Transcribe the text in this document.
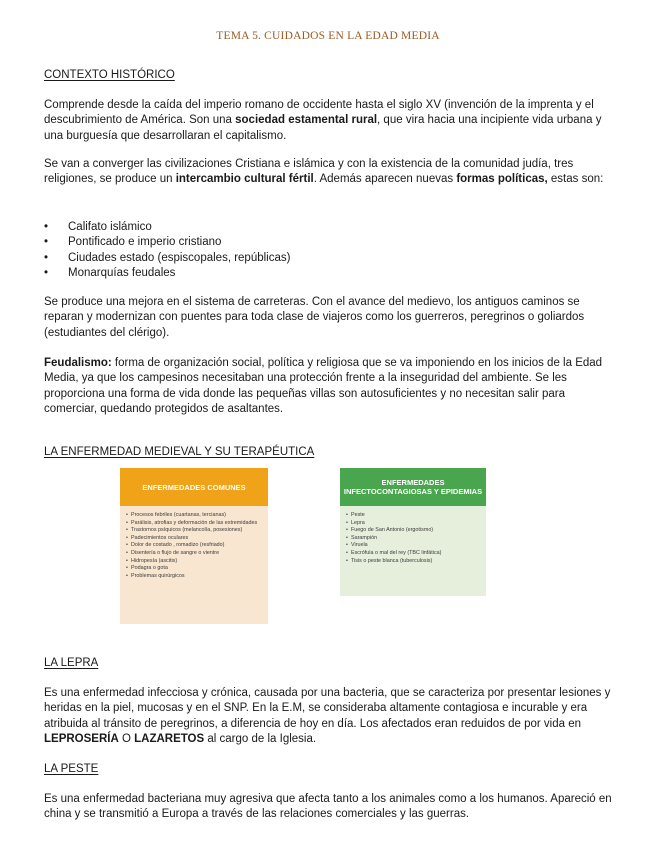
TEMA 5. CUIDADOS EN LA EDAD MEDIA
CONTEXTO HISTÓRICO

Comprende desde la caída del imperio romano de occidente hasta el siglo XV (invención de la imprenta y el descubrimiento de América. Son una sociedad estamental rural, que vira hacia una incipiente vida urbana y una burguesía que desarrollaran el capitalismo.

Se van a converger las civilizaciones Cristiana e islámica y con la existencia de la comunidad judía, tres religiones, se produce un intercambio cultural fértil. Además aparecen nuevas formas políticas, estas son:

• Califato islámico
• Pontificado e imperio cristiano
• Ciudades estado (espiscopales, repúblicas)
• Monarquías feudales

Se produce una mejora en el sistema de carreteras. Con el avance del medievo, los antiguos caminos se reparan y modernizan con puentes para toda clase de viajeros como los guerreros, peregrinos o goliardos (estudiantes del clérigo).

Feudalismo: forma de organización social, política y religiosa que se va imponiendo en los inicios de la Edad Media, ya que los campesinos necesitaban una protección frente a la inseguridad del ambiente. Se les proporciona una forma de vida donde las pequeñas villas son autosuficientes y no necesitan salir para comerciar, quedando protegidos de asaltantes.

LA ENFERMEDAD MEDIEVAL Y SU TERAPÉUTICA
ENFERMEDADES COMUNES
• Procesos febriles (cuartanas, tercianas)
• Parálisis, atrofias y deformación de las extremidades
• Trastornos psíquicos (melancolía, posesiones)
• Padecimientos oculares
• Dolor de costado , romadizo (resfriado)
• Disentería o flujo de sangre o vientre
• Hidropesía (ascitis)
• Podagra o gota
• Problemas quirúrgicos
ENFERMEDADES INFECTOCONTAGIOSAS Y EPIDEMIAS
• Peste
• Lepra
• Fuego de San Antonio (ergotismo)
• Sarampión
• Viruela
• Escrófula o mal del rey (TBC linfática)
• Tisis o peste blanca (tuberculosis)
LA LEPRA

Es una enfermedad infecciosa y crónica, causada por una bacteria, que se caracteriza por presentar lesiones y heridas en la piel, mucosas y en el SNP. En la E.M, se consideraba altamente contagiosa e incurable y era atribuida al tránsito de peregrinos, a diferencia de hoy en día. Los afectados eran reduidos de por vida en LEPROSERÍA O LAZARETOS al cargo de la Iglesia.

LA PESTE

Es una enfermedad bacteriana muy agresiva que afecta tanto a los animales como a los humanos. Apareció en china y se transmitió a Europa a través de las relaciones comerciales y las guerras.
